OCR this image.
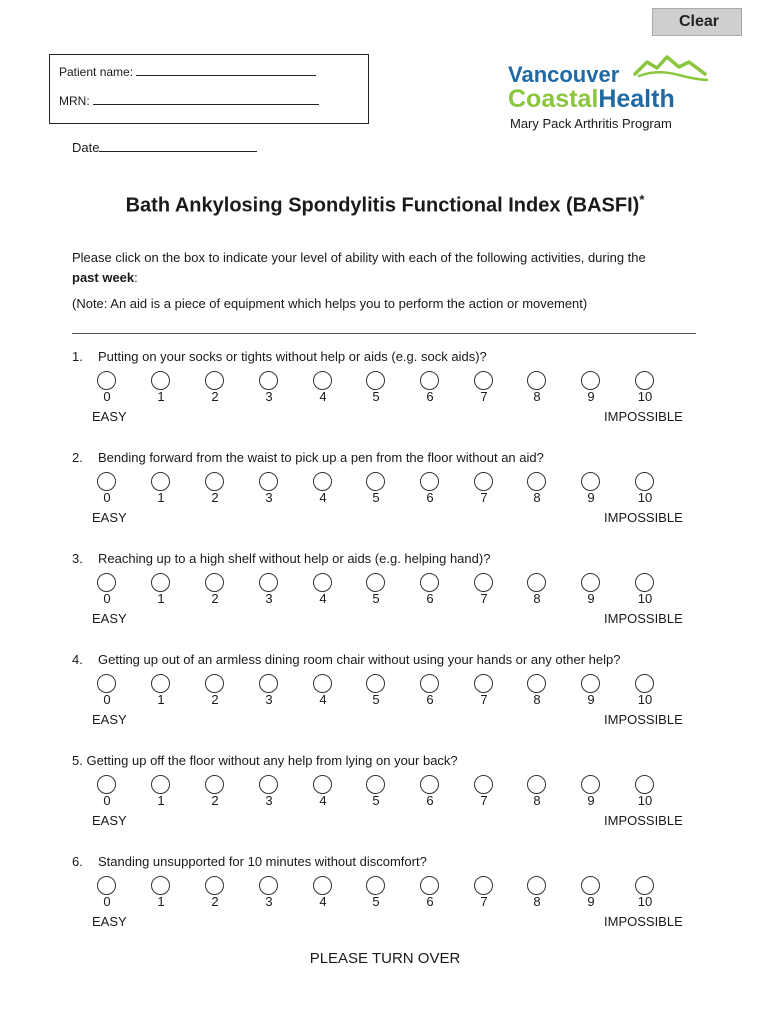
Clear
Patient name:
MRN:
Date
Vancouver
CoastalHealth
Mary Pack Arthritis Program
Bath Ankylosing Spondylitis Functional Index (BASFI)*
Please click on the box to indicate your level of ability with each of the following activities, during the
past week:
(Note: An aid is a piece of equipment which helps you to perform the action or movement)
1. Putting on your socks or tights without help or aids (e.g. sock aids)?
0	1	2	3	4	5	6	7	8	9	10
EASY	IMPOSSIBLE
2. Bending forward from the waist to pick up a pen from the floor without an aid?
0	1	2	3	4	5	6	7	8	9	10
EASY	IMPOSSIBLE
3. Reaching up to a high shelf without help or aids (e.g. helping hand)?
0	1	2	3	4	5	6	7	8	9	10
EASY	IMPOSSIBLE
4. Getting up out of an armless dining room chair without using your hands or any other help?
0	1	2	3	4	5	6	7	8	9	10
EASY	IMPOSSIBLE
5. Getting up off the floor without any help from lying on your back?
0	1	2	3	4	5	6	7	8	9	10
EASY	IMPOSSIBLE
6. Standing unsupported for 10 minutes without discomfort?
0	1	2	3	4	5	6	7	8	9	10
EASY	IMPOSSIBLE
PLEASE TURN OVER
